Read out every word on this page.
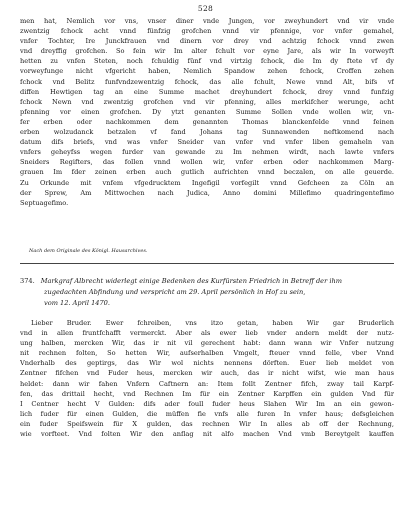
528
men hat, Nemlich vor vns, vnser diner vnde Jungen, vor zweyhundert vnd vir vnde
zwentzig fchock acht vnnd fünfzig grofchen vnnd vir pfennige, vor vnfer gemahel,
vnfer Tochter, Ire Junckfrauen vnd dinern vor drey vnd achtzig fchock vnnd zwen
vnd dreyffig grofchen. So fein wir Im alter fchult vor eyne Jare, als wir In vorweyft
hetten zu vnfen Steten, noch fchuldig fünf vnd virtzig fchock, die Im dy ftete vf dy
vorweyfunge nicht vfgericht haben, Nemlich Spandow zehen fchock, Croffen zehen
fchock vnd Belitz funfvndzewentzig fchock, das alle fchult, Newe vnnd Alt, bifs vf
diffen Hewtigen tag an eine Summe machet dreyhundert fchock, drey vnnd funfzig
fchock Newn vnd zwentzig grofchen vnd vir pfenning, alles merkifcher werunge, acht
pfenning vor einen grofchen. Dy ytzt genanten Summe Sollen vnde wollen wir, vn-
fer erben oder nachkommen dem genannten Thomas blanckenfelde vnnd feinen
erben wolzudanck betzalen vf fand Johans tag Sunnawenden neftkomend nach
datum difs briefs, vnd was vnfer Sneider van vnfer vnd vnfer liben gemaheln van
vnfers geheyfss wegen furder van gewande zu Im nehmen wirdt, nach lawte vnfers
Sneiders Regifters, das follen vnnd wollen wir, vnfer erben oder nachkommen Marg-
grauen Im fder zeinen erben auch gutlich aufrichten vnnd beczalen, on alle geuerde.
Zu Orkunde mit vnfem vfgedrucktem Ingefigil vorfegilt vnnd Gefcheen za Cöln an
der Sprew, Am Mittwochen nach Judica, Anno domini Millefimo quadringentefimo
Septuagefimo.
Nach dem Originale des Königl. Hausarchives.
374. Markgraf Albrecht widerlegt einige Bedenken des Kurfürsten Friedrich in Betreff der ihm
zugedachten Abfindung und verspricht am 29. April persönlich in Hof zu sein,
vom 12. April 1470.
Lieber Bruder. Ewer fchreiben, vns itzo getan, haben Wir gar Bruderlich
vnd in allen fruntfchafft vermerckt. Aber als ewer lieb vnder andern meldt der nutz-
ung halben, mercken Wir, das ir nit vil gerechent habt: dann wann wir Vnfer nutzung
nit rechnen folten, So hetten Wir, aufserhalben Vmgelt, fteuer vnnd felle, vber Vnnd
Vnderhalb des geptirgs, das Wir wol nichts nennens dörften. Euer lieb meldet von
Zentner fifchen vnd Fuder heus, mercken wir auch, das ir nicht wifst, wie man haus
heldet: dann wir fahen Vnfern Caftnern an: Item follt Zentner fifch, zway tail Karpf-
fen, das drittail hecht, vnd Rechnen Im für ein Zentner Karpffen ein gulden Vnd für
I Centner hecht V Gulden: difs ader foull fuder heus Slahen Wir Im an ein gewon-
lich fuder für einen Gulden, die müffen fie vnfs alle furen In vnfer haus; defsgleichen
ein fuder Speifswein für X gulden, das rechnen Wir In alles ab off der Rechnung,
wie vorfteet. Vnd folten Wir den anflag nit alfo machen Vnd vmb Bereytgelt kauffen
